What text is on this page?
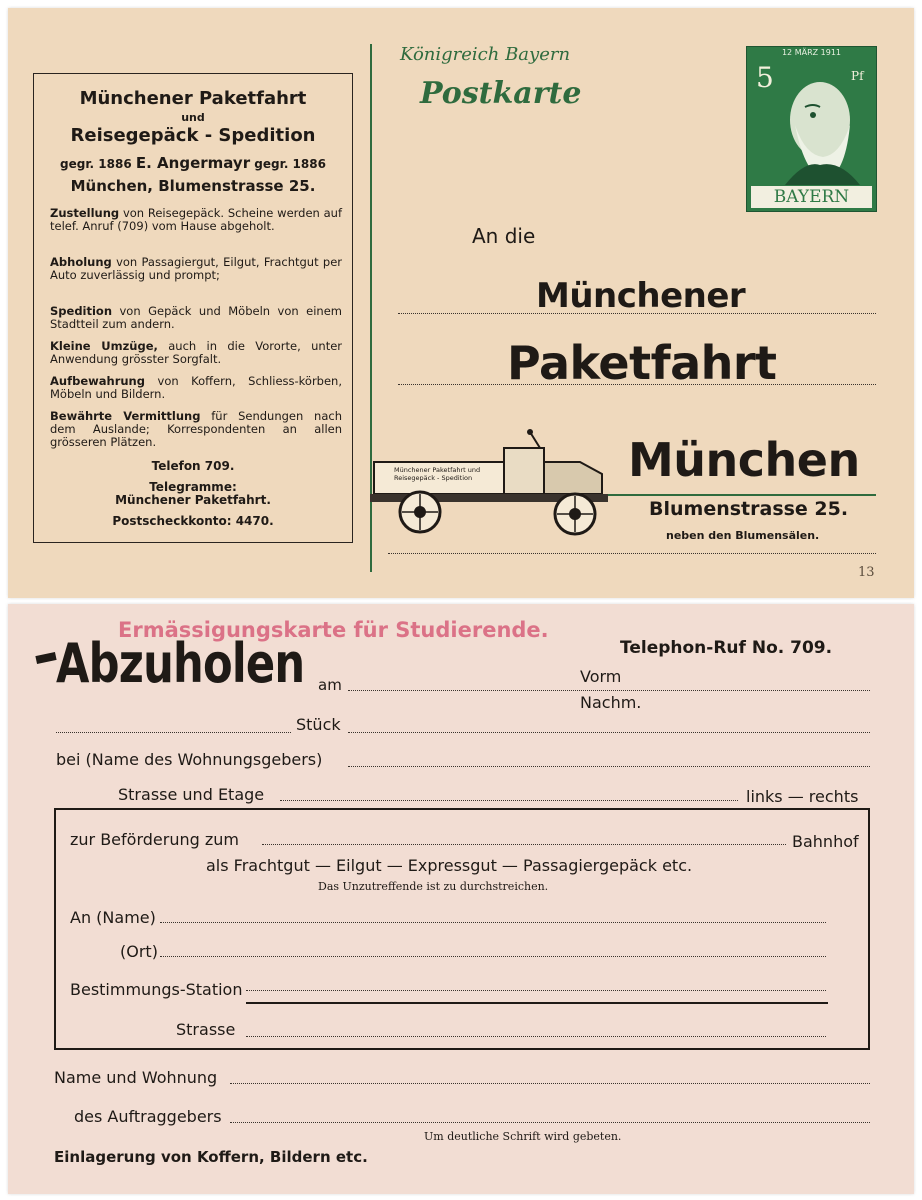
Münchener Paketfahrt
und
Reisegepäck - Spedition
gegr. 1886 E. Angermayr gegr. 1886
München, Blumenstrasse 25.
Zustellung von Reisegepäck. Scheine werden auf telef. Anruf (709) vom Hause abgeholt.
Abholung von Passagiergut, Eilgut, Frachtgut per Auto zuverlässig und prompt;
Spedition von Gepäck und Möbeln von einem Stadtteil zum andern.
Kleine Umzüge, auch in die Vororte, unter Anwendung grösster Sorgfalt.
Aufbewahrung von Koffern, Schliess-körben, Möbeln und Bildern.
Bewährte Vermittlung für Sendungen nach dem Auslande; Korrespondenten an allen grösseren Plätzen.
Telefon 709.
Telegramme:
Münchener Paketfahrt.
Postscheckkonto: 4470.
Königreich Bayern
Postkarte
12 MÄRZ 1911
5	Pf
BAYERN
An die
Münchener
Paketfahrt
München
Münchener Paketfahrt und
Reisegepäck - Spedition
Blumenstrasse 25.
neben den Blumensälen.
13
Ermässigungskarte für Studierende.
Telephon-Ruf No. 709.
Abzuholen am	Vorm
Nachm.
Stück
bei (Name des Wohnungsgebers)
Strasse und Etage	links — rechts
zur Beförderung zum	Bahnhof
als Frachtgut — Eilgut — Expressgut — Passagiergepäck etc.
Das Unzutreffende ist zu durchstreichen.
An (Name)
(Ort)
Bestimmungs-Station
Strasse
Name und Wohnung
des Auftraggebers
Um deutliche Schrift wird gebeten.
Einlagerung von Koffern, Bildern etc.
